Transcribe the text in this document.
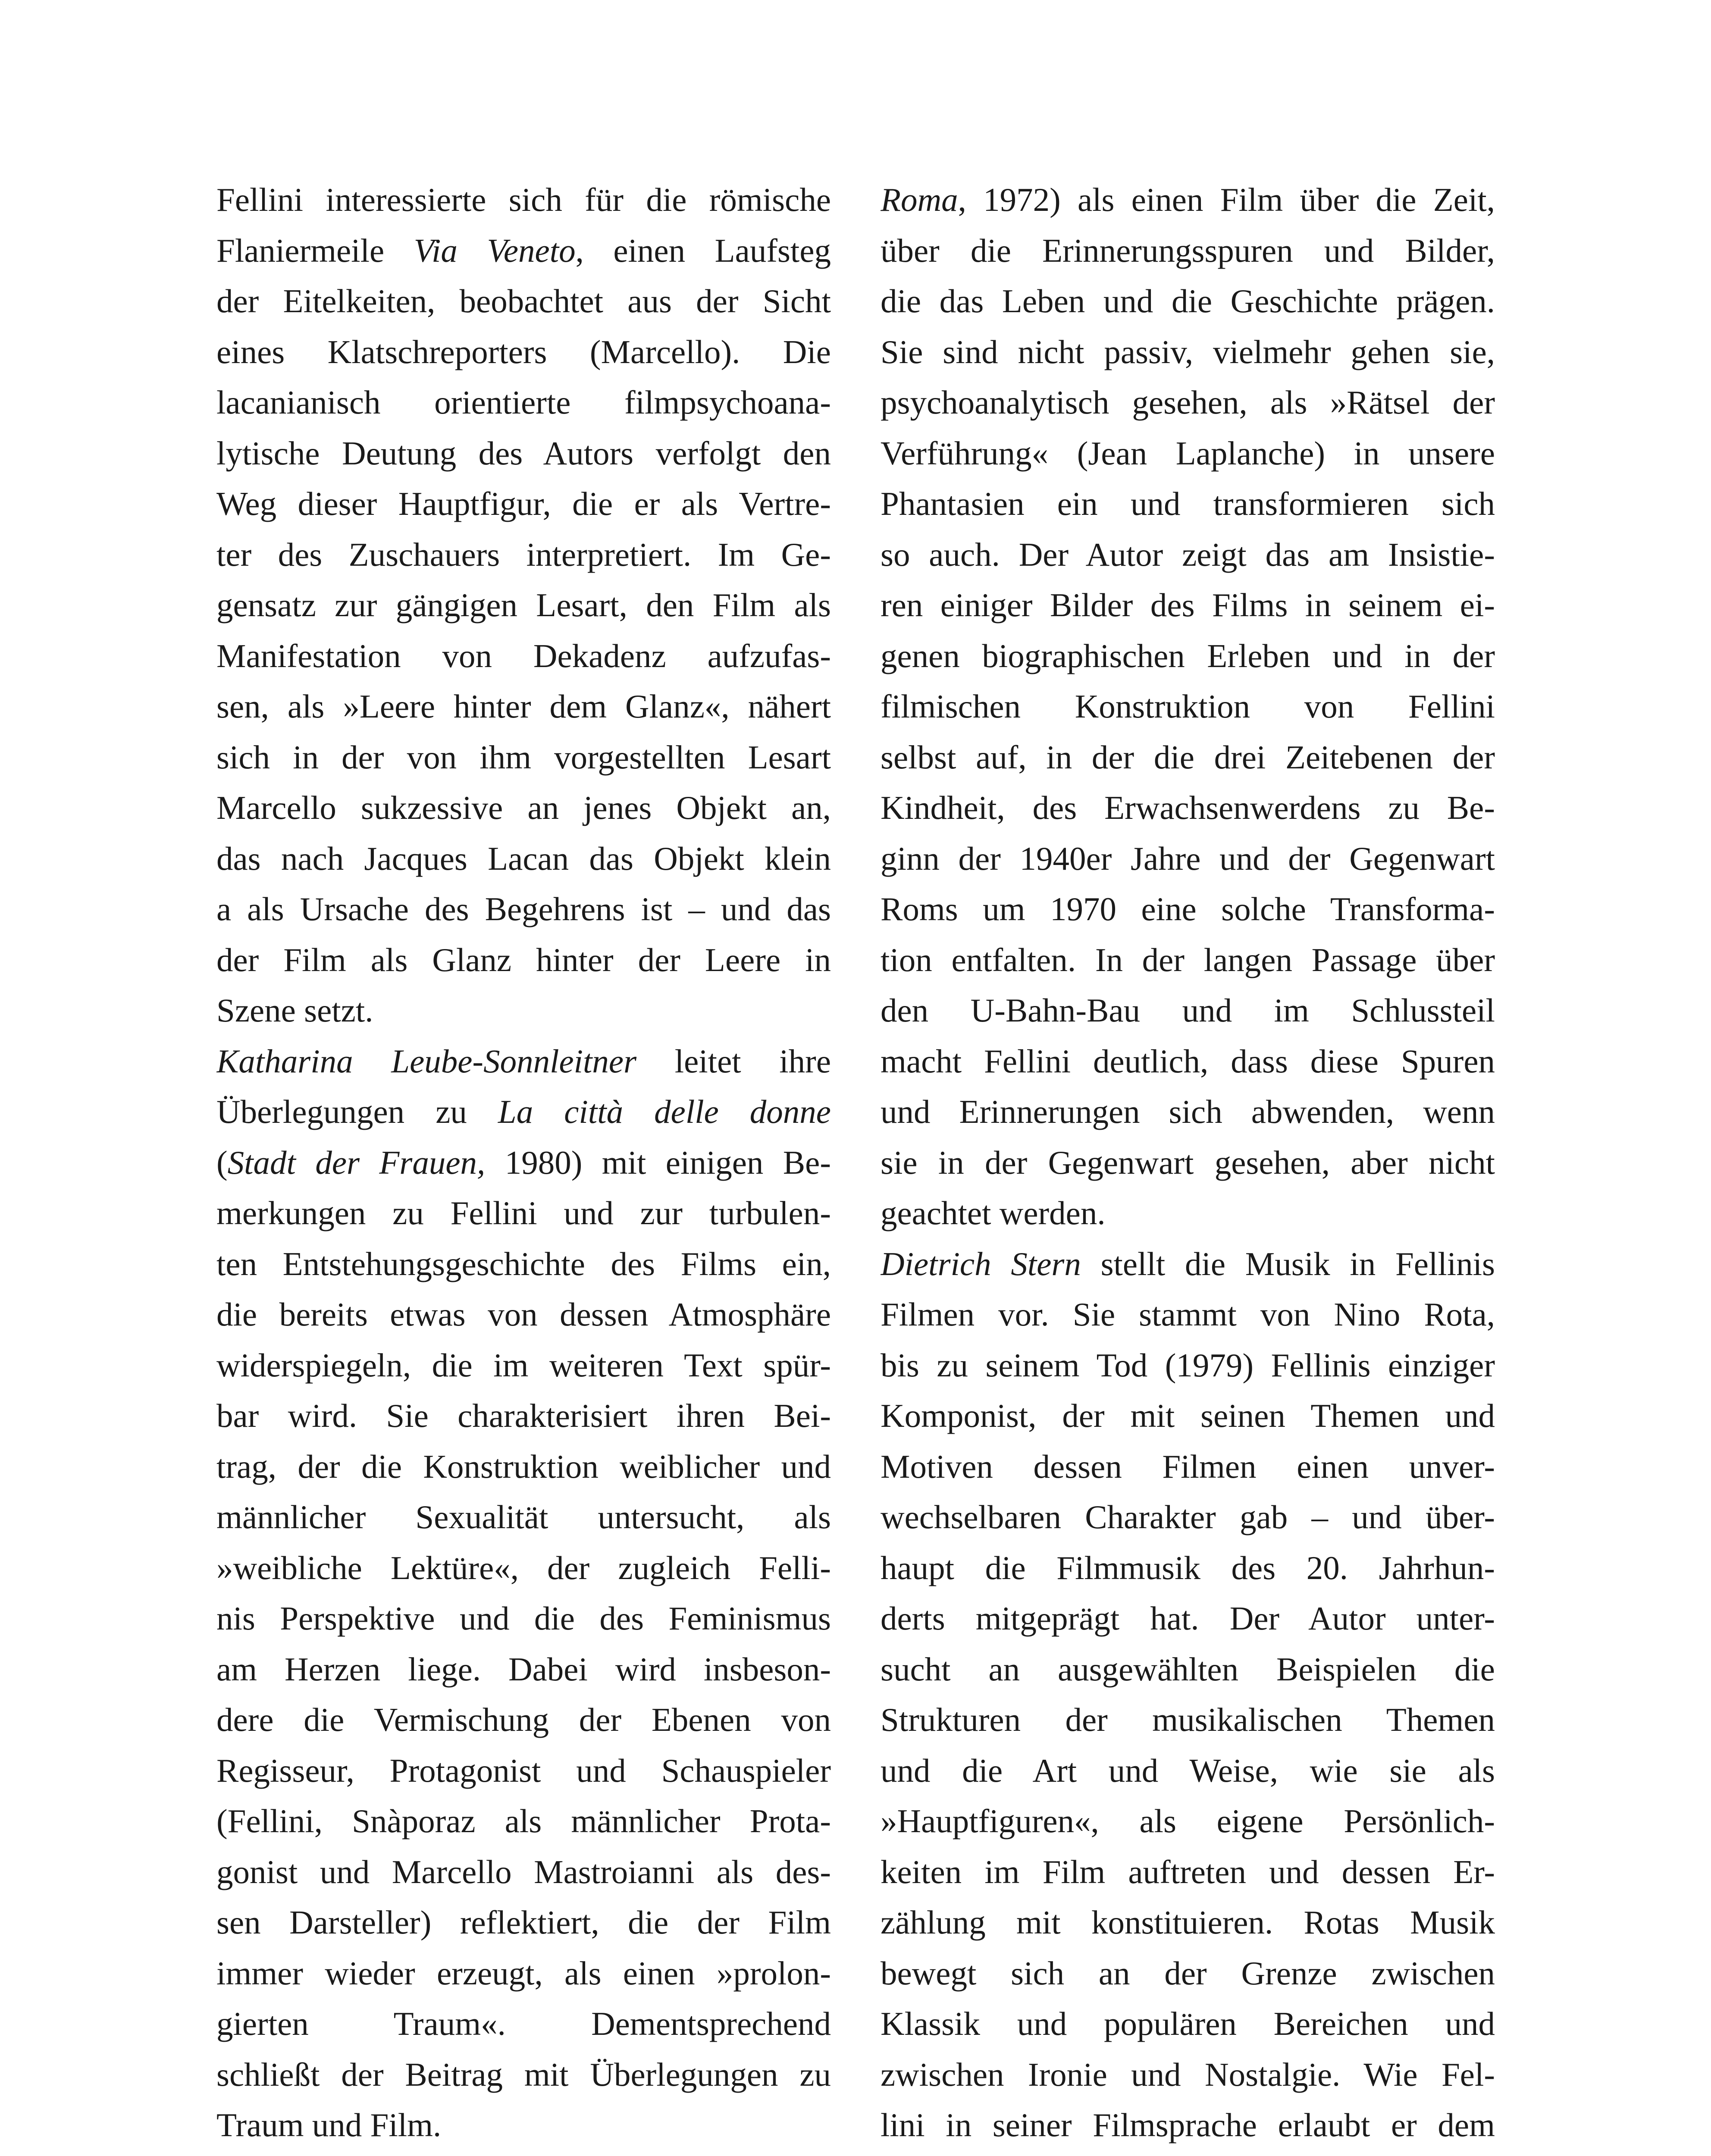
Fellini interessierte sich für die römische
Flaniermeile Via Veneto, einen Laufsteg
der Eitelkeiten, beobachtet aus der Sicht
eines Klatschreporters (Marcello). Die
lacanianisch orientierte filmpsychoana-
lytische Deutung des Autors verfolgt den
Weg dieser Hauptfigur, die er als Vertre-
ter des Zuschauers interpretiert. Im Ge-
gensatz zur gängigen Lesart, den Film als
Manifestation von Dekadenz aufzufas-
sen, als »Leere hinter dem Glanz«, nähert
sich in der von ihm vorgestellten Lesart
Marcello sukzessive an jenes Objekt an,
das nach Jacques Lacan das Objekt klein
a als Ursache des Begehrens ist – und das
der Film als Glanz hinter der Leere in
Szene setzt.
Katharina Leube-Sonnleitner leitet ihre
Überlegungen zu La città delle donne
(Stadt der Frauen, 1980) mit einigen Be-
merkungen zu Fellini und zur turbulen-
ten Entstehungsgeschichte des Films ein,
die bereits etwas von dessen Atmosphäre
widerspiegeln, die im weiteren Text spür-
bar wird. Sie charakterisiert ihren Bei-
trag, der die Konstruktion weiblicher und
männlicher Sexualität untersucht, als
»weibliche Lektüre«, der zugleich Felli-
nis Perspektive und die des Feminismus
am Herzen liege. Dabei wird insbeson-
dere die Vermischung der Ebenen von
Regisseur, Protagonist und Schauspieler
(Fellini, Snàporaz als männlicher Prota-
gonist und Marcello Mastroianni als des-
sen Darsteller) reflektiert, die der Film
immer wieder erzeugt, als einen »prolon-
gierten Traum«. Dementsprechend
schließt der Beitrag mit Überlegungen zu
Traum und Film.
Roma, 1972) als einen Film über die Zeit,
über die Erinnerungsspuren und Bilder,
die das Leben und die Geschichte prägen.
Sie sind nicht passiv, vielmehr gehen sie,
psychoanalytisch gesehen, als »Rätsel der
Verführung« (Jean Laplanche) in unsere
Phantasien ein und transformieren sich
so auch. Der Autor zeigt das am Insistie-
ren einiger Bilder des Films in seinem ei-
genen biographischen Erleben und in der
filmischen Konstruktion von Fellini
selbst auf, in der die drei Zeitebenen der
Kindheit, des Erwachsenwerdens zu Be-
ginn der 1940er Jahre und der Gegenwart
Roms um 1970 eine solche Transforma-
tion entfalten. In der langen Passage über
den U-Bahn-Bau und im Schlussteil
macht Fellini deutlich, dass diese Spuren
und Erinnerungen sich abwenden, wenn
sie in der Gegenwart gesehen, aber nicht
geachtet werden.
Dietrich Stern stellt die Musik in Fellinis
Filmen vor. Sie stammt von Nino Rota,
bis zu seinem Tod (1979) Fellinis einziger
Komponist, der mit seinen Themen und
Motiven dessen Filmen einen unver-
wechselbaren Charakter gab – und über-
haupt die Filmmusik des 20. Jahrhun-
derts mitgeprägt hat. Der Autor unter-
sucht an ausgewählten Beispielen die
Strukturen der musikalischen Themen
und die Art und Weise, wie sie als
»Hauptfiguren«, als eigene Persönlich-
keiten im Film auftreten und dessen Er-
zählung mit konstituieren. Rotas Musik
bewegt sich an der Grenze zwischen
Klassik und populären Bereichen und
zwischen Ironie und Nostalgie. Wie Fel-
lini in seiner Filmsprache erlaubt er dem
